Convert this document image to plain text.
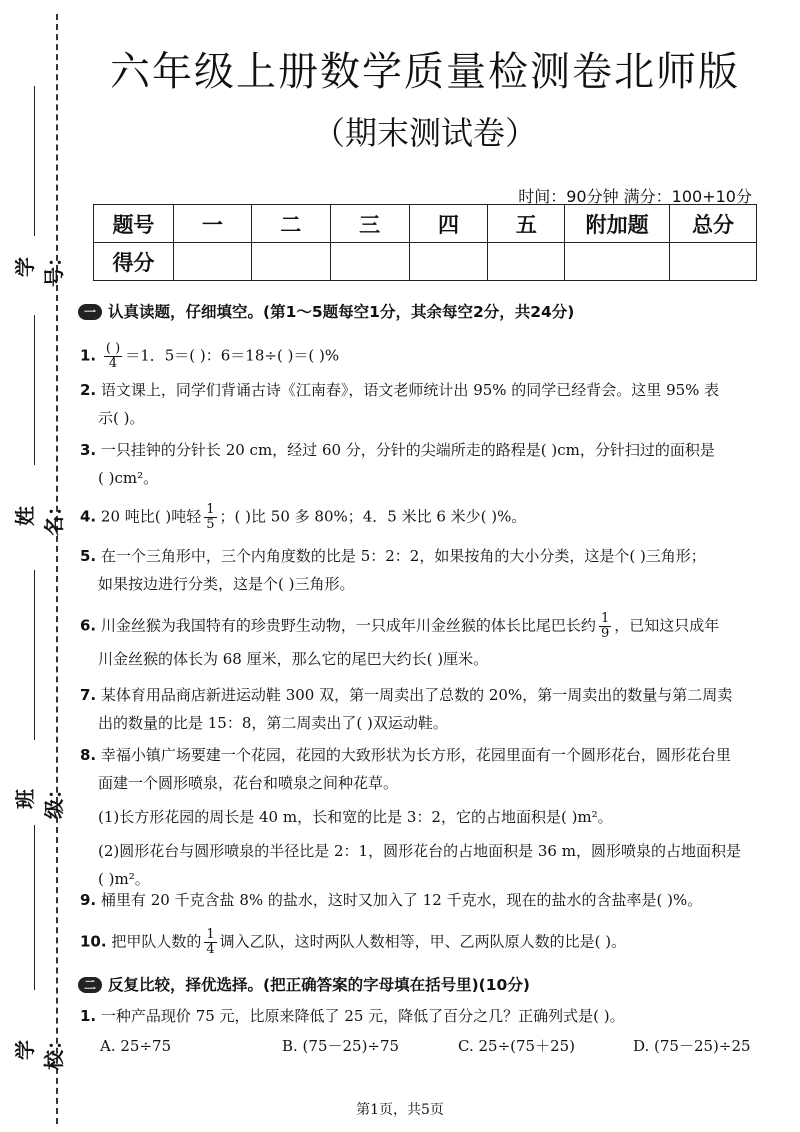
学号：
姓名：
班级：
学校：
六年级上册数学质量检测卷北师版
（期末测试卷）
时间：90分钟 满分：100+10分
题号	一	二	三	四	五	附加题	总分
得分							
一 认真读题，仔细填空。(第1～5题每空1分，其余每空2分，共24分)
1. $\frac{( )}{4} =1$．5＝( )：6＝18÷( )＝( )%
2. 语文课上，同学们背诵古诗《江南春》，语文老师统计出 95% 的同学已经背会。这里 95% 表
示( )。
3. 一只挂钟的分针长 20 cm，经过 60 分，分针的尖端所走的路程是( )cm，分针扫过的面积是
( )cm²。
4. 20 吨比( )吨轻 $\frac{1}{5}$ ；( )比 50 多 80%；4．5 米比 6 米少( )%。
5. 在一个三角形中，三个内角度数的比是 5：2：2，如果按角的大小分类，这是个( )三角形；
如果按边进行分类，这是个( )三角形。
6. 川金丝猴为我国特有的珍贵野生动物，一只成年川金丝猴的体长比尾巴长约 $\frac{1}{9}$ ，已知这只成年
川金丝猴的体长为 68 厘米，那么它的尾巴大约长( )厘米。
7. 某体育用品商店新进运动鞋 300 双，第一周卖出了总数的 20%，第一周卖出的数量与第二周卖
出的数量的比是 15：8，第二周卖出了( )双运动鞋。
8. 幸福小镇广场要建一个花园，花园的大致形状为长方形，花园里面有一个圆形花台，圆形花台里
面建一个圆形喷泉，花台和喷泉之间种花草。
(1)长方形花园的周长是 40 m，长和宽的比是 3：2，它的占地面积是( )m²。
(2)圆形花台与圆形喷泉的半径比是 2：1，圆形花台的占地面积是 36 m，圆形喷泉的占地面积是
( )m²。
9. 桶里有 20 千克含盐 8% 的盐水，这时又加入了 12 千克水，现在的盐水的含盐率是( )%。
10. 把甲队人数的 $\frac{1}{4}$ 调入乙队，这时两队人数相等，甲、乙两队原人数的比是( )。
二 反复比较，择优选择。(把正确答案的字母填在括号里)(10分)
1. 一种产品现价 75 元，比原来降低了 25 元，降低了百分之几？正确列式是( )。
A. 25÷75	B. (75－25)÷75	C. 25÷(75＋25)	D. (75－25)÷25
第1页，共5页
